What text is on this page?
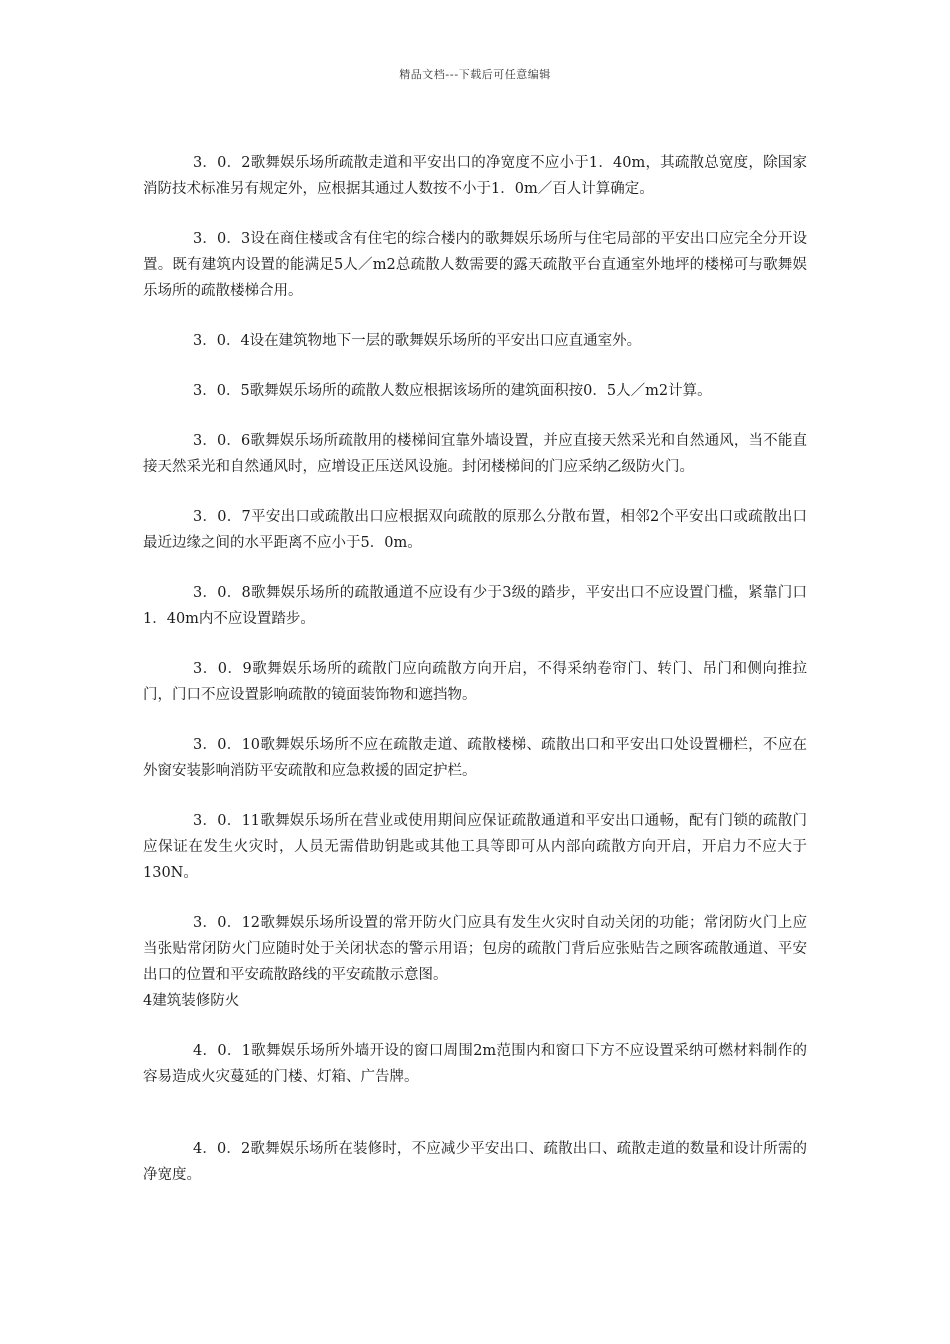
精品文档---下载后可任意编辑

3．0．2歌舞娱乐场所疏散走道和平安出口的净宽度不应小于1．40m，其疏散总宽度，除国家消防技术标准另有规定外，应根据其通过人数按不小于1．0m／百人计算确定。

3．0．3设在商住楼或含有住宅的综合楼内的歌舞娱乐场所与住宅局部的平安出口应完全分开设置。既有建筑内设置的能满足5人／m2总疏散人数需要的露天疏散平台直通室外地坪的楼梯可与歌舞娱乐场所的疏散楼梯合用。

3．0．4设在建筑物地下一层的歌舞娱乐场所的平安出口应直通室外。

3．0．5歌舞娱乐场所的疏散人数应根据该场所的建筑面积按0．5人／m2计算。

3．0．6歌舞娱乐场所疏散用的楼梯间宜靠外墙设置，并应直接天然采光和自然通风，当不能直接天然采光和自然通风时，应增设正压送风设施。封闭楼梯间的门应采纳乙级防火门。

3．0．7平安出口或疏散出口应根据双向疏散的原那么分散布置，相邻2个平安出口或疏散出口最近边缘之间的水平距离不应小于5．0m。

3．0．8歌舞娱乐场所的疏散通道不应设有少于3级的踏步，平安出口不应设置门槛，紧靠门口1．40m内不应设置踏步。

3．0．9歌舞娱乐场所的疏散门应向疏散方向开启，不得采纳卷帘门、转门、吊门和侧向推拉门，门口不应设置影响疏散的镜面装饰物和遮挡物。

3．0．10歌舞娱乐场所不应在疏散走道、疏散楼梯、疏散出口和平安出口处设置栅栏，不应在外窗安装影响消防平安疏散和应急救援的固定护栏。

3．0．11歌舞娱乐场所在营业或使用期间应保证疏散通道和平安出口通畅，配有门锁的疏散门应保证在发生火灾时，人员无需借助钥匙或其他工具等即可从内部向疏散方向开启，开启力不应大于130N。

3．0．12歌舞娱乐场所设置的常开防火门应具有发生火灾时自动关闭的功能；常闭防火门上应当张贴常闭防火门应随时处于关闭状态的警示用语；包房的疏散门背后应张贴告之顾客疏散通道、平安出口的位置和平安疏散路线的平安疏散示意图。

4建筑装修防火

4．0．1歌舞娱乐场所外墙开设的窗口周围2m范围内和窗口下方不应设置采纳可燃材料制作的容易造成火灾蔓延的门楼、灯箱、广告牌。

4．0．2歌舞娱乐场所在装修时，不应减少平安出口、疏散出口、疏散走道的数量和设计所需的净宽度。
